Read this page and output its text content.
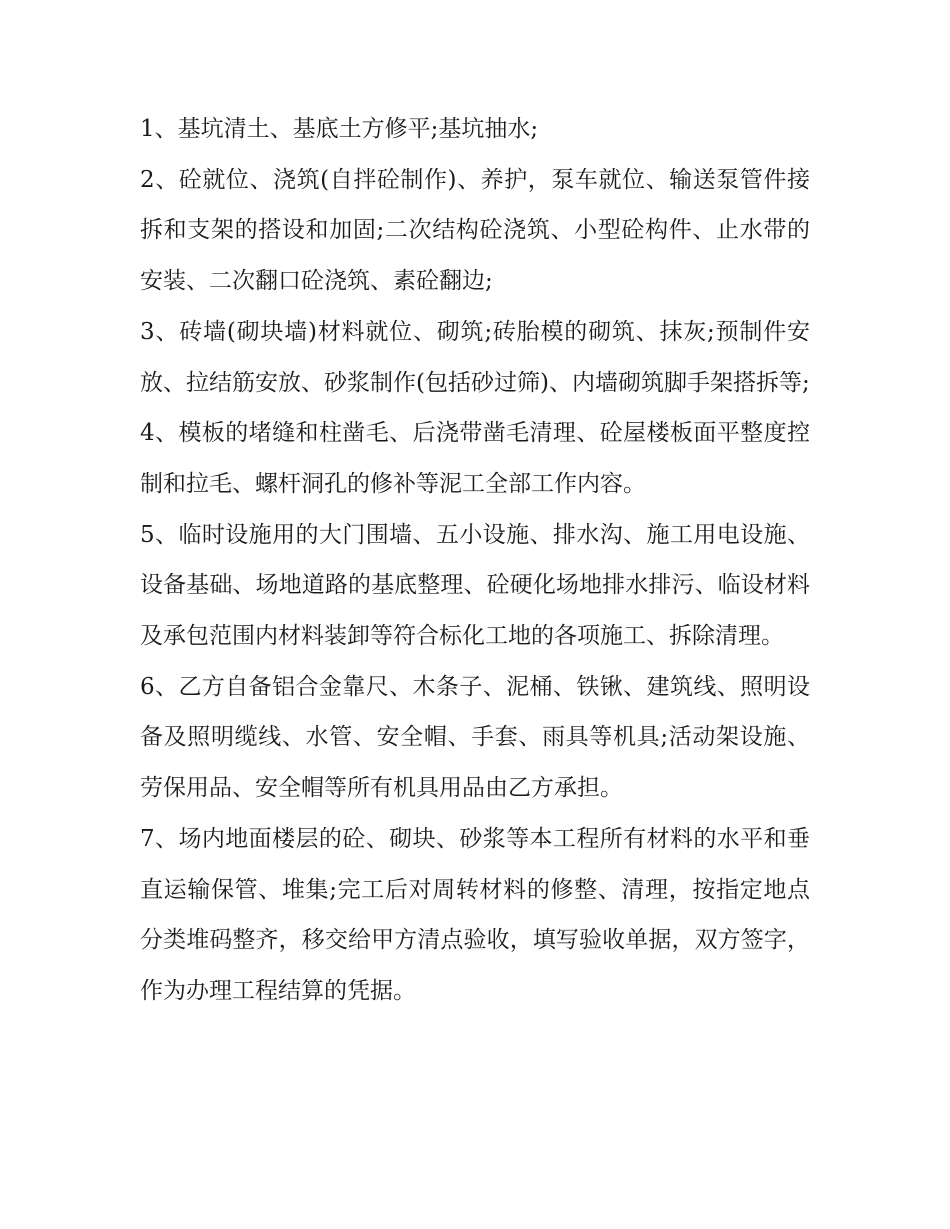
1、基坑清土、基底土方修平;基坑抽水;

2、砼就位、浇筑(自拌砼制作)、养护，泵车就位、输送泵管件接拆和支架的搭设和加固;二次结构砼浇筑、小型砼构件、止水带的安装、二次翻口砼浇筑、素砼翻边;

3、砖墙(砌块墙)材料就位、砌筑;砖胎模的砌筑、抹灰;预制件安放、拉结筋安放、砂浆制作(包括砂过筛)、内墙砌筑脚手架搭拆等;

4、模板的堵缝和柱凿毛、后浇带凿毛清理、砼屋楼板面平整度控制和拉毛、螺杆洞孔的修补等泥工全部工作内容。

5、临时设施用的大门围墙、五小设施、排水沟、施工用电设施、设备基础、场地道路的基底整理、砼硬化场地排水排污、临设材料及承包范围内材料装卸等符合标化工地的各项施工、拆除清理。

6、乙方自备铝合金靠尺、木条子、泥桶、铁锹、建筑线、照明设备及照明缆线、水管、安全帽、手套、雨具等机具;活动架设施、劳保用品、安全帽等所有机具用品由乙方承担。

7、场内地面楼层的砼、砌块、砂浆等本工程所有材料的水平和垂直运输保管、堆集;完工后对周转材料的修整、清理，按指定地点分类堆码整齐，移交给甲方清点验收，填写验收单据，双方签字，作为办理工程结算的凭据。
